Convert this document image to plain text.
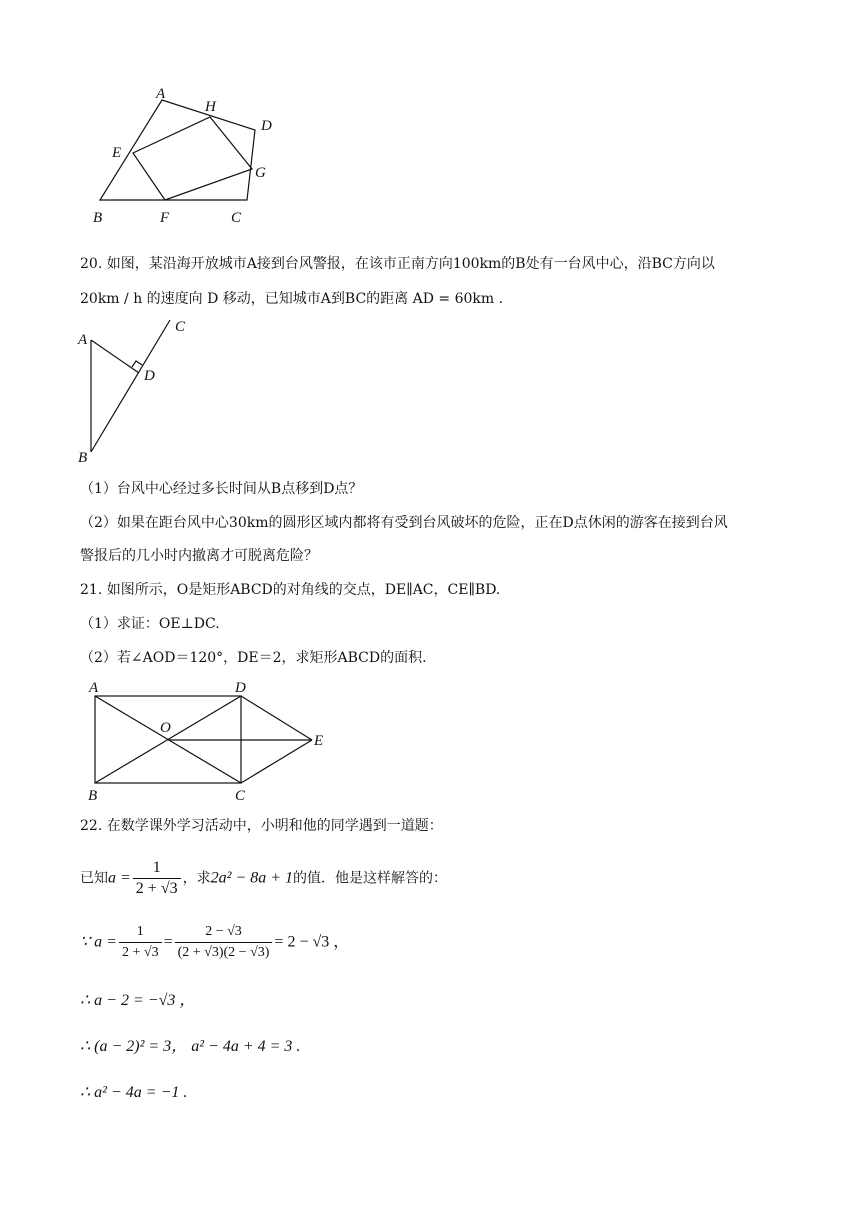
A
H
D
E
G
B	F	C
20. 如图，某沿海开放城市A接到台风警报，在该市正南方向100km的B处有一台风中心，沿BC方向以
20km / h 的速度向 D 移动，已知城市A到BC的距离 AD = 60km .
A
C
D
B
（1）台风中心经过多长时间从B点移到D点？
（2）如果在距台风中心30km的圆形区域内都将有受到台风破坏的危险，正在D点休闲的游客在接到台风
警报后的几小时内撤离才可脱离危险？
21. 如图所示，O是矩形ABCD的对角线的交点，DE∥AC，CE∥BD.
（1）求证：OE⊥DC.
（2）若∠AOD＝120°，DE＝2，求矩形ABCD的面积.
A	D
O
E
B	C
22. 在数学课外学习活动中，小明和他的同学遇到一道题：
已知$a = \frac{1}{2 + √3}$ ，求2a² − 8a + 1的值．他是这样解答的：
∵ $a = \frac{1}{2 + √3} = \frac{2 - √3}{(2 + √3)(2 - √3)} = 2 - √3$ ，
∴ a − 2 = −√3 ，
∴ (a − 2)² = 3， a² − 4a + 4 = 3 .
∴ a² − 4a = −1 .
